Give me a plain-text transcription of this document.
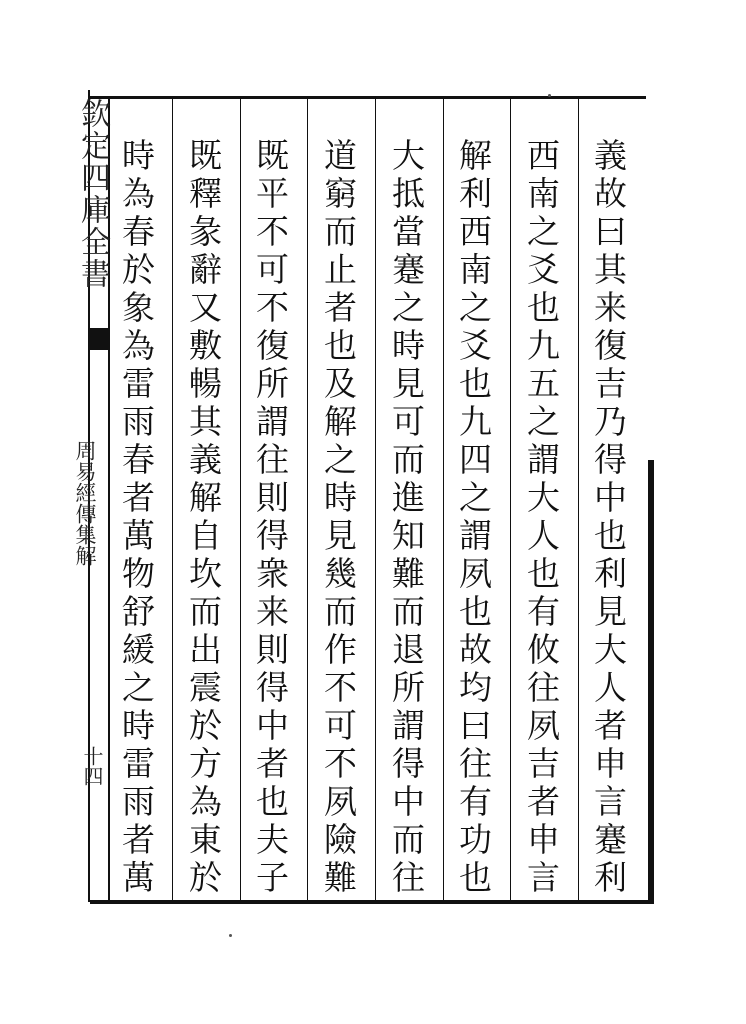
欽定四庫全書
周易經傳集解
十四	義故曰其来復吉乃得中也利見大人者申言蹇利
西南之爻也九五之謂大人也有攸往夙吉者申言
解利西南之爻也九四之謂夙也故均曰往有功也
大抵當蹇之時見可而進知難而退所謂得中而往
道窮而止者也及解之時見幾而作不可不夙險難
既平不可不復所謂往則得衆来則得中者也夫子
既釋彖辭又敷暢其義解自坎而出震於方為東於
時為春於象為雷雨春者萬物舒緩之時雷雨者萬
